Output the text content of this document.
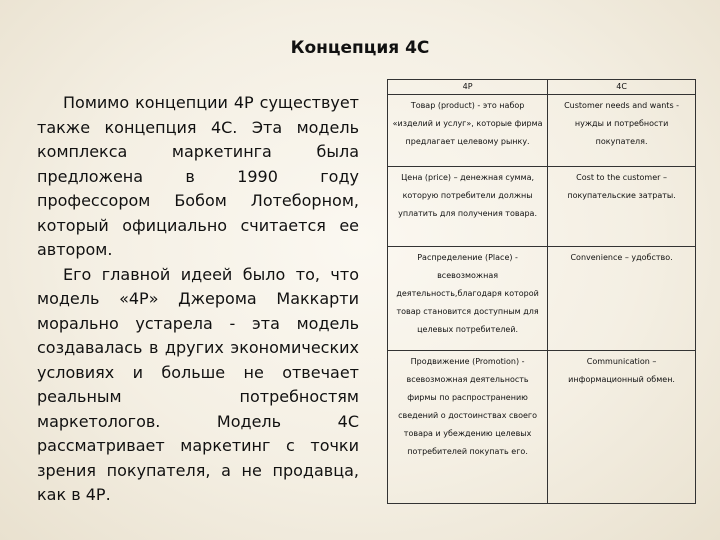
Концепция 4С

Помимо концепции 4Р существует также концепция 4С. Эта модель комплекса маркетинга была предложена в 1990 году профессором Бобом Лотеборном, который официально считается ее автором.

Его главной идеей было то, что модель «4Р» Джерома Маккарти морально устарела - эта модель создавалась в других экономических условиях и больше не отвечает реальным потребностям маркетологов. Модель 4С рассматривает маркетинг с точки зрения покупателя, а не продавца, как в 4Р.

4P	4C
Товар (product) - это набор «изделий и услуг», которые фирма предлагает целевому рынку.	Customer needs and wants - нужды и потребности покупателя.
Цена (price) – денежная сумма, которую потребители должны уплатить для получения товара.	Cost to the customer – покупательские затраты.
Распределение (Place) - всевозможная деятельность,благодаря которой товар становится доступным для целевых потребителей.	Convenience – удобство.
Продвижение (Promotion) - всевозможная деятельность фирмы по распространению сведений о достоинствах своего товара и убеждению целевых потребителей покупать его.	Communication – информационный обмен.
